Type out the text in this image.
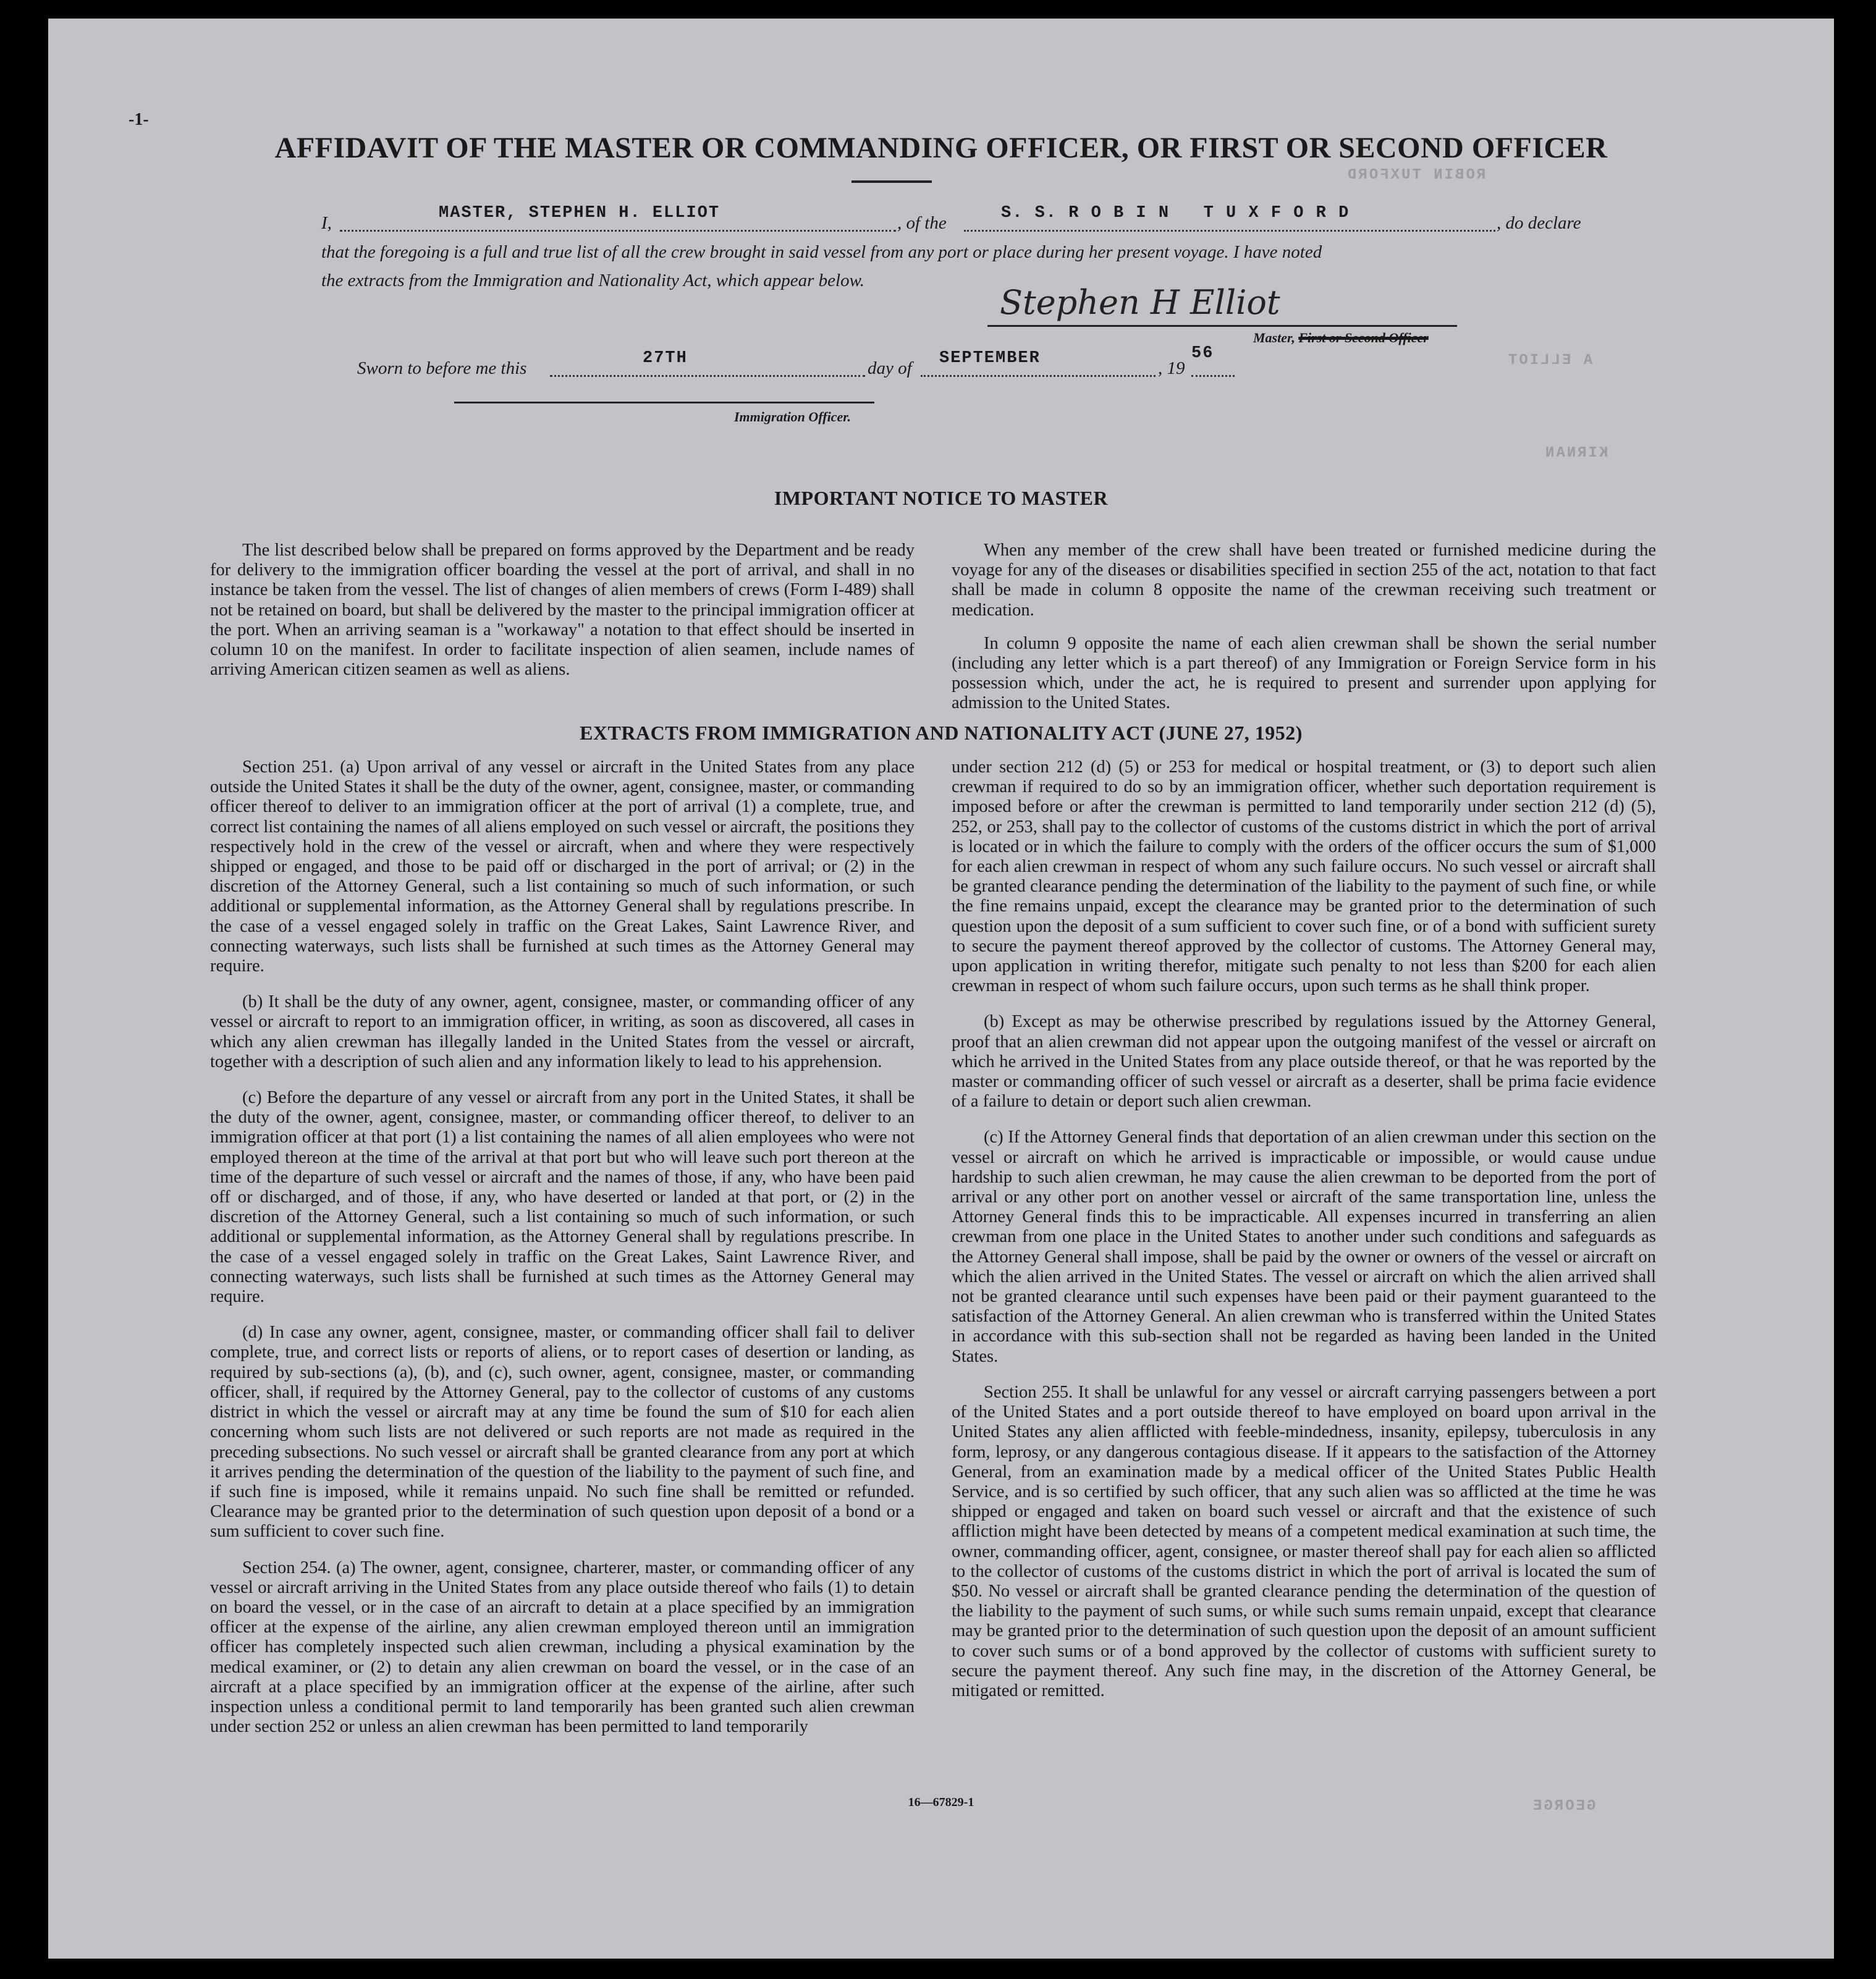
A ELLIOT
KIRNAN
GEORGE
ROBIN TUXFORD
-1-
AFFIDAVIT OF THE MASTER OR COMMANDING OFFICER, OR FIRST OR SECOND OFFICER
I,	MASTER, STEPHEN H. ELLIOT	, of the	S. S. R O B I N   T U X F O R D	, do declare
that the foregoing is a full and true list of all the crew brought in said vessel from any port or place during her present voyage. I have noted
the extracts from the Immigration and Nationality Act, which appear below.
Stephen H Elliot
Master, First or Second Officer
Sworn to before me this	27TH	day of SEPTEMBER	, 19
56
Immigration Officer.
IMPORTANT NOTICE TO MASTER

The list described below shall be prepared on forms approved by the Department and be ready for delivery to the immigration officer boarding the vessel at the port of arrival, and shall in no instance be taken from the vessel. The list of changes of alien members of crews (Form I-489) shall not be retained on board, but shall be delivered by the master to the principal immigration officer at the port. When an arriving seaman is a "workaway" a notation to that effect should be inserted in column 10 on the manifest. In order to facilitate inspection of alien seamen, include names of arriving American citizen seamen as well as aliens.

When any member of the crew shall have been treated or furnished medicine during the voyage for any of the diseases or disabilities specified in section 255 of the act, notation to that fact shall be made in column 8 opposite the name of the crewman receiving such treatment or medication.

In column 9 opposite the name of each alien crewman shall be shown the serial number (including any letter which is a part thereof) of any Immigration or Foreign Service form in his possession which, under the act, he is required to present and surrender upon applying for admission to the United States.

EXTRACTS FROM IMMIGRATION AND NATIONALITY ACT (JUNE 27, 1952)

Section 251. (a) Upon arrival of any vessel or aircraft in the United States from any place outside the United States it shall be the duty of the owner, agent, consignee, master, or commanding officer thereof to deliver to an immigration officer at the port of arrival (1) a complete, true, and correct list containing the names of all aliens employed on such vessel or aircraft, the positions they respectively hold in the crew of the vessel or aircraft, when and where they were respectively shipped or engaged, and those to be paid off or discharged in the port of arrival; or (2) in the discretion of the Attorney General, such a list containing so much of such information, or such additional or supplemental information, as the Attorney General shall by regulations prescribe. In the case of a vessel engaged solely in traffic on the Great Lakes, Saint Lawrence River, and connecting waterways, such lists shall be furnished at such times as the Attorney General may require.

(b) It shall be the duty of any owner, agent, consignee, master, or commanding officer of any vessel or aircraft to report to an immigration officer, in writing, as soon as discovered, all cases in which any alien crewman has illegally landed in the United States from the vessel or aircraft, together with a description of such alien and any information likely to lead to his apprehension.

(c) Before the departure of any vessel or aircraft from any port in the United States, it shall be the duty of the owner, agent, consignee, master, or commanding officer thereof, to deliver to an immigration officer at that port (1) a list containing the names of all alien employees who were not employed thereon at the time of the arrival at that port but who will leave such port thereon at the time of the departure of such vessel or aircraft and the names of those, if any, who have been paid off or discharged, and of those, if any, who have deserted or landed at that port, or (2) in the discretion of the Attorney General, such a list containing so much of such information, or such additional or supplemental information, as the Attorney General shall by regulations prescribe. In the case of a vessel engaged solely in traffic on the Great Lakes, Saint Lawrence River, and connecting waterways, such lists shall be furnished at such times as the Attorney General may require.

(d) In case any owner, agent, consignee, master, or commanding officer shall fail to deliver complete, true, and correct lists or reports of aliens, or to report cases of desertion or landing, as required by sub-sections (a), (b), and (c), such owner, agent, consignee, master, or commanding officer, shall, if required by the Attorney General, pay to the collector of customs of any customs district in which the vessel or aircraft may at any time be found the sum of $10 for each alien concerning whom such lists are not delivered or such reports are not made as required in the preceding subsections. No such vessel or aircraft shall be granted clearance from any port at which it arrives pending the determination of the question of the liability to the payment of such fine, and if such fine is imposed, while it remains unpaid. No such fine shall be remitted or refunded. Clearance may be granted prior to the determination of such question upon deposit of a bond or a sum sufficient to cover such fine.

Section 254. (a) The owner, agent, consignee, charterer, master, or commanding officer of any vessel or aircraft arriving in the United States from any place outside thereof who fails (1) to detain on board the vessel, or in the case of an aircraft to detain at a place specified by an immigration officer at the expense of the airline, any alien crewman employed thereon until an immigration officer has completely inspected such alien crewman, including a physical examination by the medical examiner, or (2) to detain any alien crewman on board the vessel, or in the case of an aircraft at a place specified by an immigration officer at the expense of the airline, after such inspection unless a conditional permit to land temporarily has been granted such alien crewman under section 252 or unless an alien crewman has been permitted to land temporarily

under section 212 (d) (5) or 253 for medical or hospital treatment, or (3) to deport such alien crewman if required to do so by an immigration officer, whether such deportation requirement is imposed before or after the crewman is permitted to land temporarily under section 212 (d) (5), 252, or 253, shall pay to the collector of customs of the customs district in which the port of arrival is located or in which the failure to comply with the orders of the officer occurs the sum of $1,000 for each alien crewman in respect of whom any such failure occurs. No such vessel or aircraft shall be granted clearance pending the determination of the liability to the payment of such fine, or while the fine remains unpaid, except the clearance may be granted prior to the determination of such question upon the deposit of a sum sufficient to cover such fine, or of a bond with sufficient surety to secure the payment thereof approved by the collector of customs. The Attorney General may, upon application in writing therefor, mitigate such penalty to not less than $200 for each alien crewman in respect of whom such failure occurs, upon such terms as he shall think proper.

(b) Except as may be otherwise prescribed by regulations issued by the Attorney General, proof that an alien crewman did not appear upon the outgoing manifest of the vessel or aircraft on which he arrived in the United States from any place outside thereof, or that he was reported by the master or commanding officer of such vessel or aircraft as a deserter, shall be prima facie evidence of a failure to detain or deport such alien crewman.

(c) If the Attorney General finds that deportation of an alien crewman under this section on the vessel or aircraft on which he arrived is impracticable or impossible, or would cause undue hardship to such alien crewman, he may cause the alien crewman to be deported from the port of arrival or any other port on another vessel or aircraft of the same transportation line, unless the Attorney General finds this to be impracticable. All expenses incurred in transferring an alien crewman from one place in the United States to another under such conditions and safeguards as the Attorney General shall impose, shall be paid by the owner or owners of the vessel or aircraft on which the alien arrived in the United States. The vessel or aircraft on which the alien arrived shall not be granted clearance until such expenses have been paid or their payment guaranteed to the satisfaction of the Attorney General. An alien crewman who is transferred within the United States in accordance with this sub-section shall not be regarded as having been landed in the United States.

Section 255. It shall be unlawful for any vessel or aircraft carrying passengers between a port of the United States and a port outside thereof to have employed on board upon arrival in the United States any alien afflicted with feeble-mindedness, insanity, epilepsy, tuberculosis in any form, leprosy, or any dangerous contagious disease. If it appears to the satisfaction of the Attorney General, from an examination made by a medical officer of the United States Public Health Service, and is so certified by such officer, that any such alien was so afflicted at the time he was shipped or engaged and taken on board such vessel or aircraft and that the existence of such affliction might have been detected by means of a competent medical examination at such time, the owner, commanding officer, agent, consignee, or master thereof shall pay for each alien so afflicted to the collector of customs of the customs district in which the port of arrival is located the sum of $50. No vessel or aircraft shall be granted clearance pending the determination of the question of the liability to the payment of such sums, or while such sums remain unpaid, except that clearance may be granted prior to the determination of such question upon the deposit of an amount sufficient to cover such sums or of a bond approved by the collector of customs with sufficient surety to secure the payment thereof. Any such fine may, in the discretion of the Attorney General, be mitigated or remitted.

16—67829-1
